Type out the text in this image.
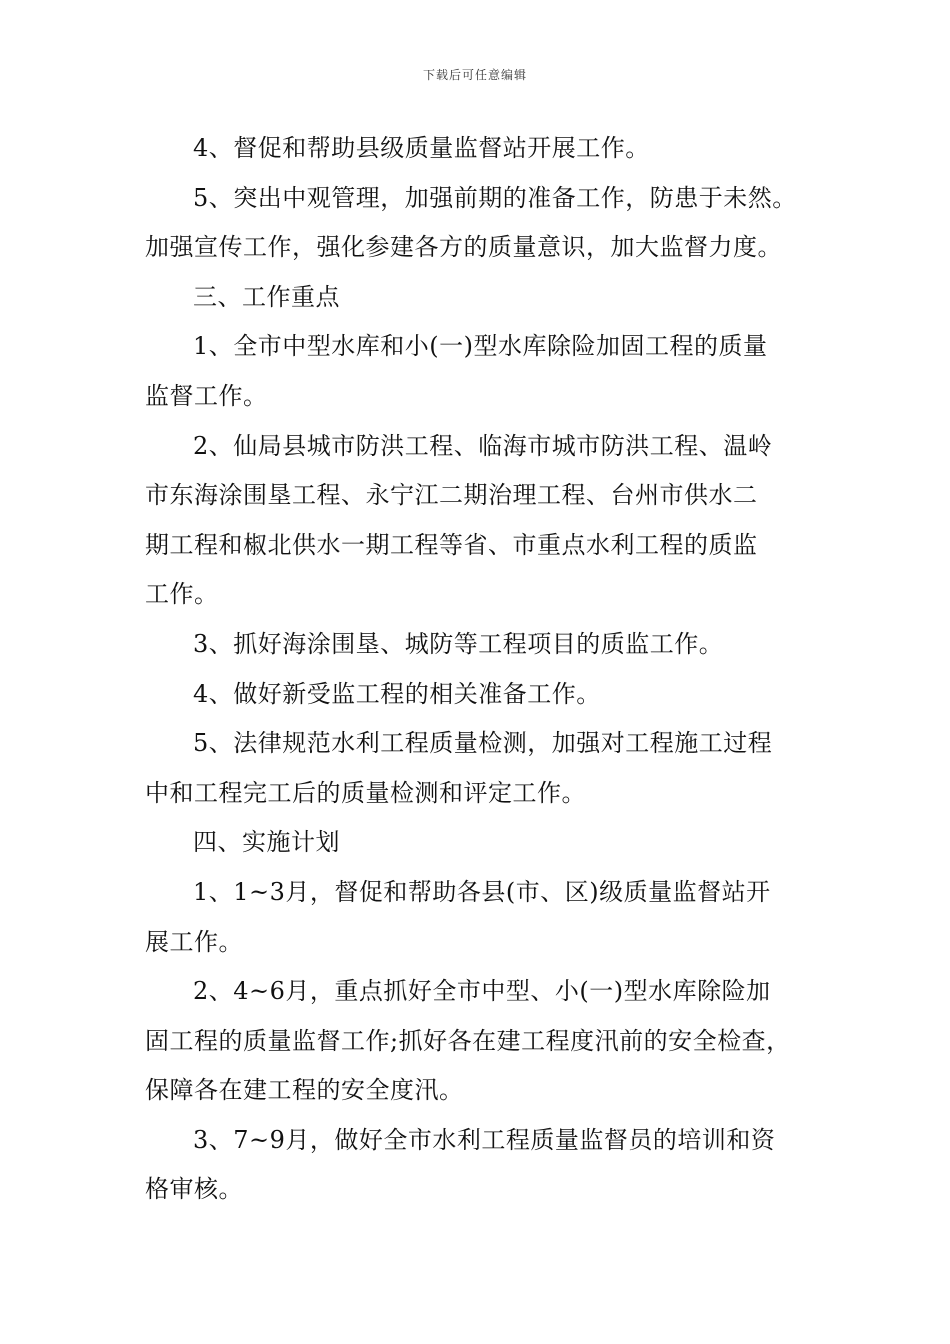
下载后可任意编辑

4、督促和帮助县级质量监督站开展工作。

5、突出中观管理，加强前期的准备工作，防患于未然。
加强宣传工作，强化参建各方的质量意识，加大监督力度。

三、工作重点

1、全市中型水库和小(一)型水库除险加固工程的质量
监督工作。

2、仙局县城市防洪工程、临海市城市防洪工程、温岭
市东海涂围垦工程、永宁江二期治理工程、台州市供水二
期工程和椒北供水一期工程等省、市重点水利工程的质监
工作。

3、抓好海涂围垦、城防等工程项目的质监工作。

4、做好新受监工程的相关准备工作。

5、法律规范水利工程质量检测，加强对工程施工过程
中和工程完工后的质量检测和评定工作。

四、实施计划

1、1~3月，督促和帮助各县(市、区)级质量监督站开
展工作。

2、4~6月，重点抓好全市中型、小(一)型水库除险加
固工程的质量监督工作;抓好各在建工程度汛前的安全检查，
保障各在建工程的安全度汛。

3、7~9月，做好全市水利工程质量监督员的培训和资
格审核。
